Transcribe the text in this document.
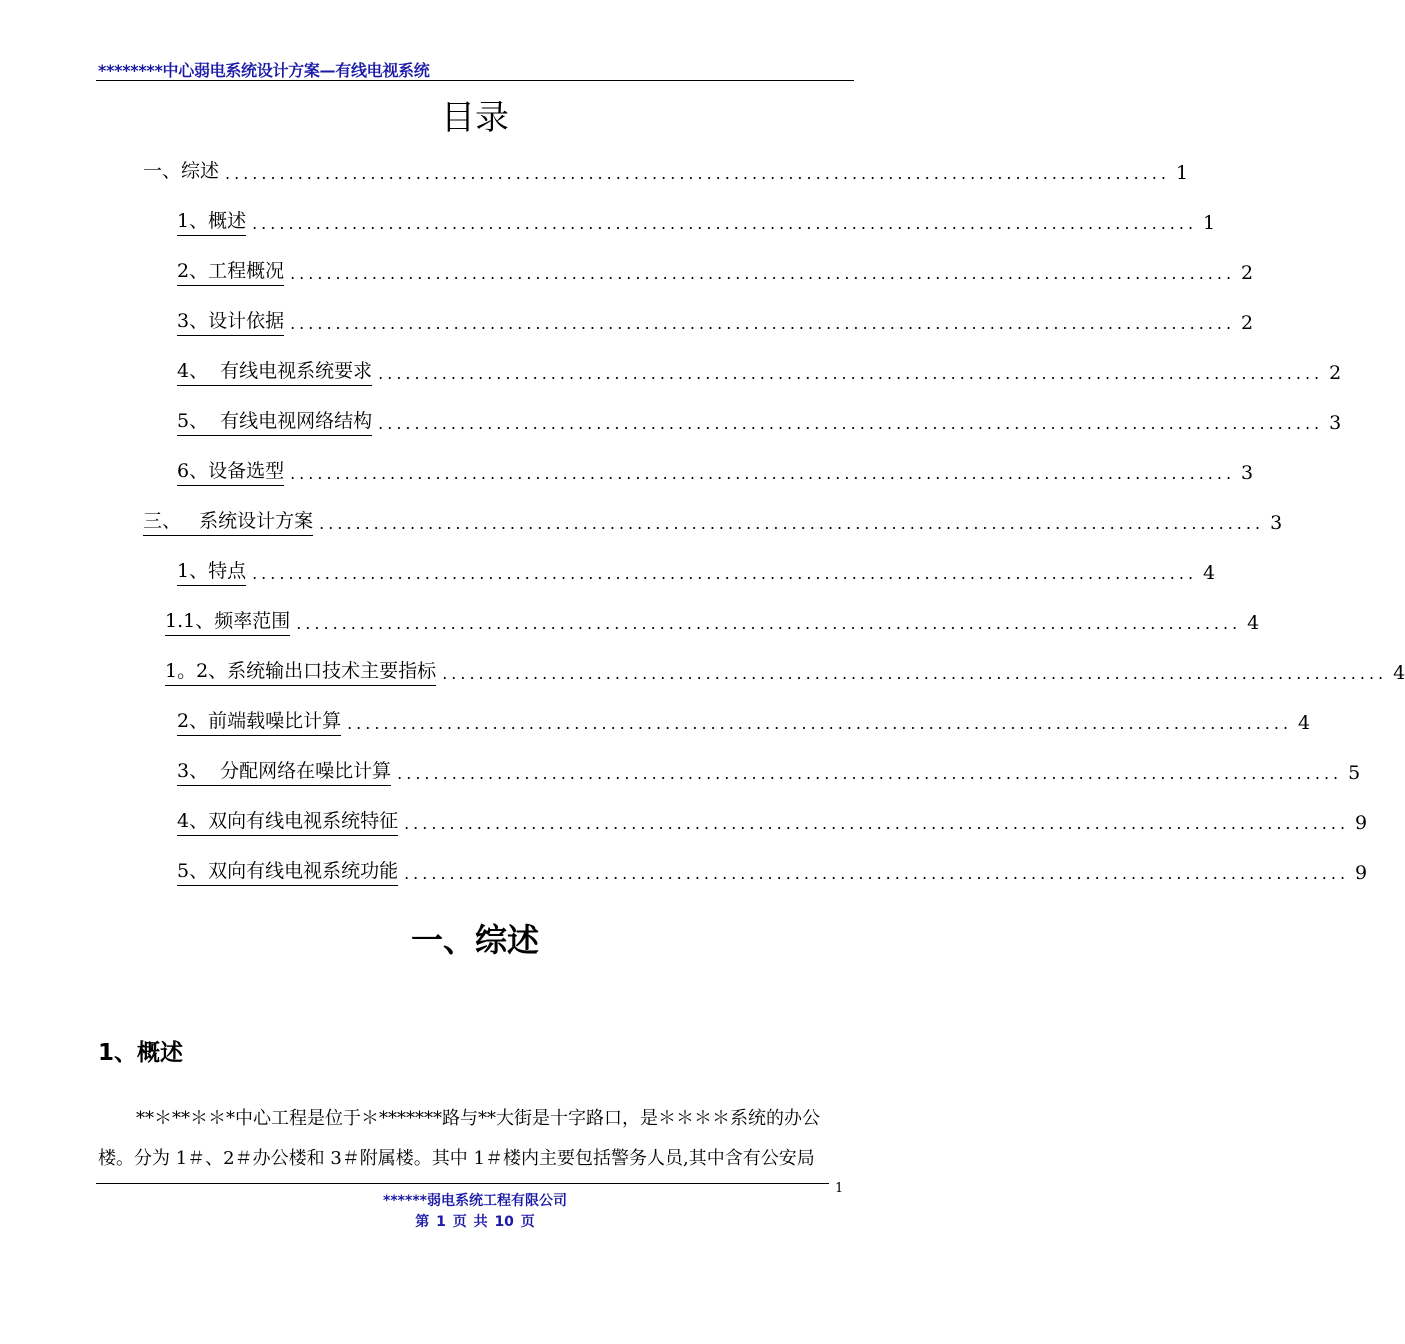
********中心弱电系统设计方案—有线电视系统
目录
一、综述 ........................................................................................................ 1
1、概述 ........................................................................................................ 1
2、工程概况 ........................................................................................................ 2
3、设计依据 ........................................................................................................ 2
4、  有线电视系统要求 ........................................................................................................ 2
5、  有线电视网络结构 ........................................................................................................ 3
6、设备选型 ........................................................................................................ 3
三、   系统设计方案 ........................................................................................................ 3
1、特点 ........................................................................................................ 4
1.1、频率范围 ........................................................................................................ 4
1。2、系统输出口技术主要指标 ........................................................................................................ 4
2、前端载噪比计算 ........................................................................................................ 4
3、  分配网络在噪比计算 ........................................................................................................ 5
4、双向有线电视系统特征 ........................................................................................................ 9
5、双向有线电视系统功能 ........................................................................................................ 9
一、综述
1、概述
**＊**＊＊*中心工程是位于＊*******路与**大街是十字路口，是＊＊＊＊系统的办公
楼。分为 1＃、2＃办公楼和 3＃附属楼。其中 1＃楼内主要包括警务人员,其中含有公安局
1
******弱电系统工程有限公司
第 1 页 共 10 页
